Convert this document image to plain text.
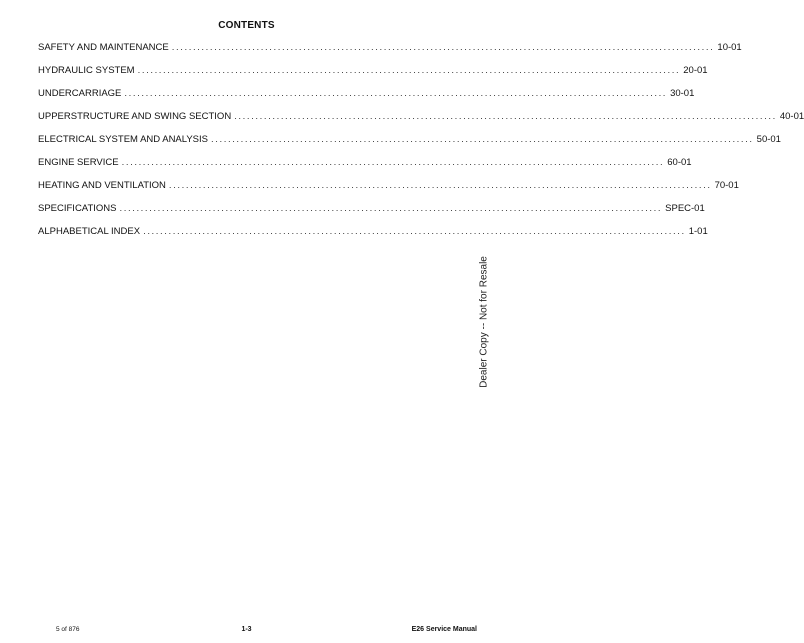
CONTENTS
SAFETY AND MAINTENANCE ................................................................................................................................ 10-01
HYDRAULIC SYSTEM ................................................................................................................................ 20-01
UNDERCARRIAGE ................................................................................................................................ 30-01
UPPERSTRUCTURE AND SWING SECTION ................................................................................................................................ 40-01
ELECTRICAL SYSTEM AND ANALYSIS ................................................................................................................................ 50-01
ENGINE SERVICE ................................................................................................................................ 60-01
HEATING AND VENTILATION ................................................................................................................................ 70-01
SPECIFICATIONS ................................................................................................................................ SPEC-01
ALPHABETICAL INDEX ................................................................................................................................ 1-01
Dealer Copy -- Not for Resale
5 of 876	1-3	E26 Service Manual
